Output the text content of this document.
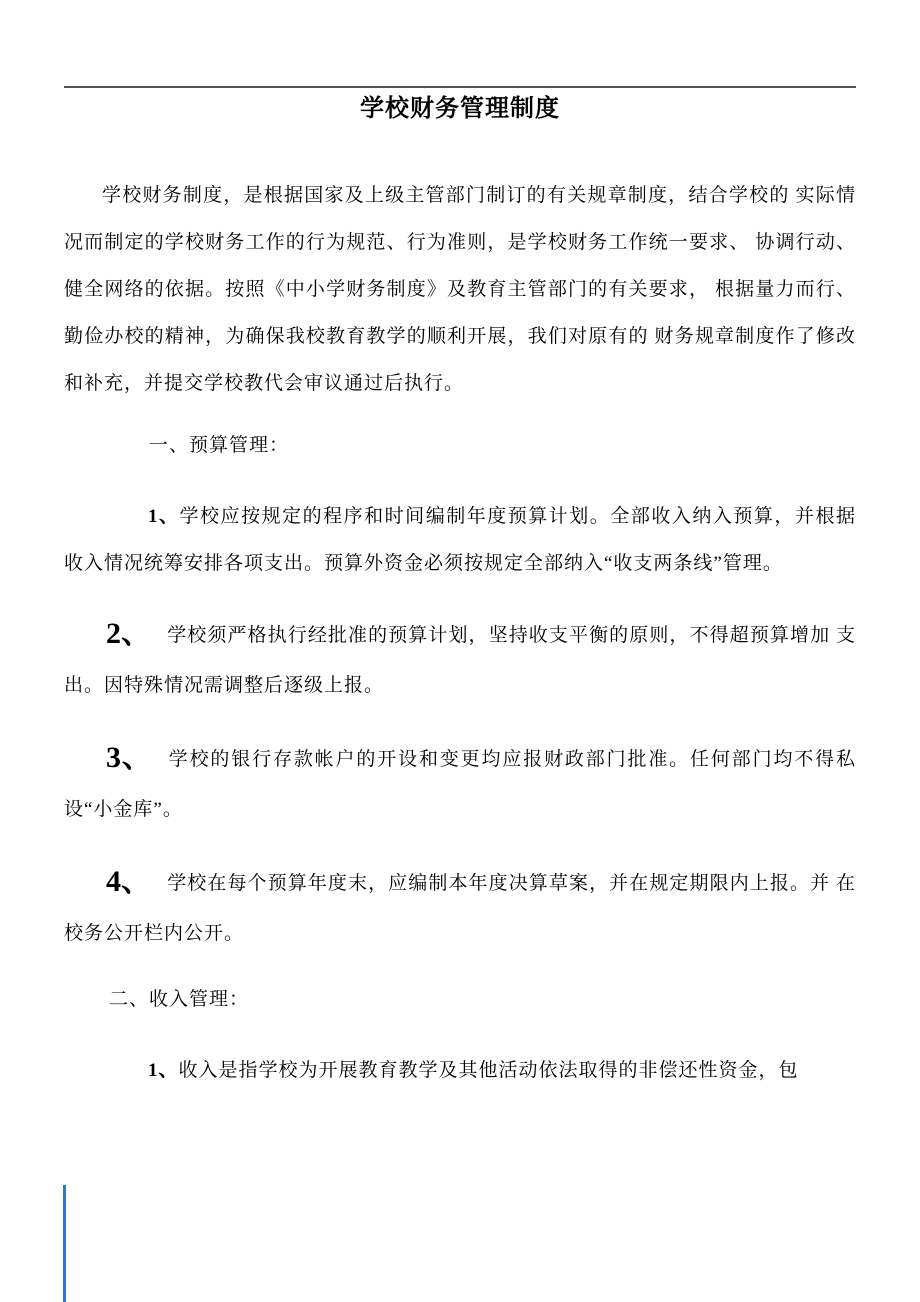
学校财务管理制度

学校财务制度，是根据国家及上级主管部门制订的有关规章制度，结合学校的 实际情况而制定的学校财务工作的行为规范、行为准则，是学校财务工作统一要求、 协调行动、健全网络的依据。按照《中小学财务制度》及教育主管部门的有关要求， 根据量力而行、勤俭办校的精神，为确保我校教育教学的顺利开展，我们对原有的 财务规章制度作了修改和补充，并提交学校教代会审议通过后执行。

一、预算管理：

1、学校应按规定的程序和时间编制年度预算计划。全部收入纳入预算，并根据收入情况统筹安排各项支出。预算外资金必须按规定全部纳入“收支两条线”管理。

2、 学校须严格执行经批准的预算计划，坚持收支平衡的原则，不得超预算增加 支出。因特殊情况需调整后逐级上报。

3、 学校的银行存款帐户的开设和变更均应报财政部门批准。任何部门均不得私 设“小金库”。

4、 学校在每个预算年度末，应编制本年度决算草案，并在规定期限内上报。并 在校务公开栏内公开。

二、收入管理：

1、收入是指学校为开展教育教学及其他活动依法取得的非偿还性资金，包
